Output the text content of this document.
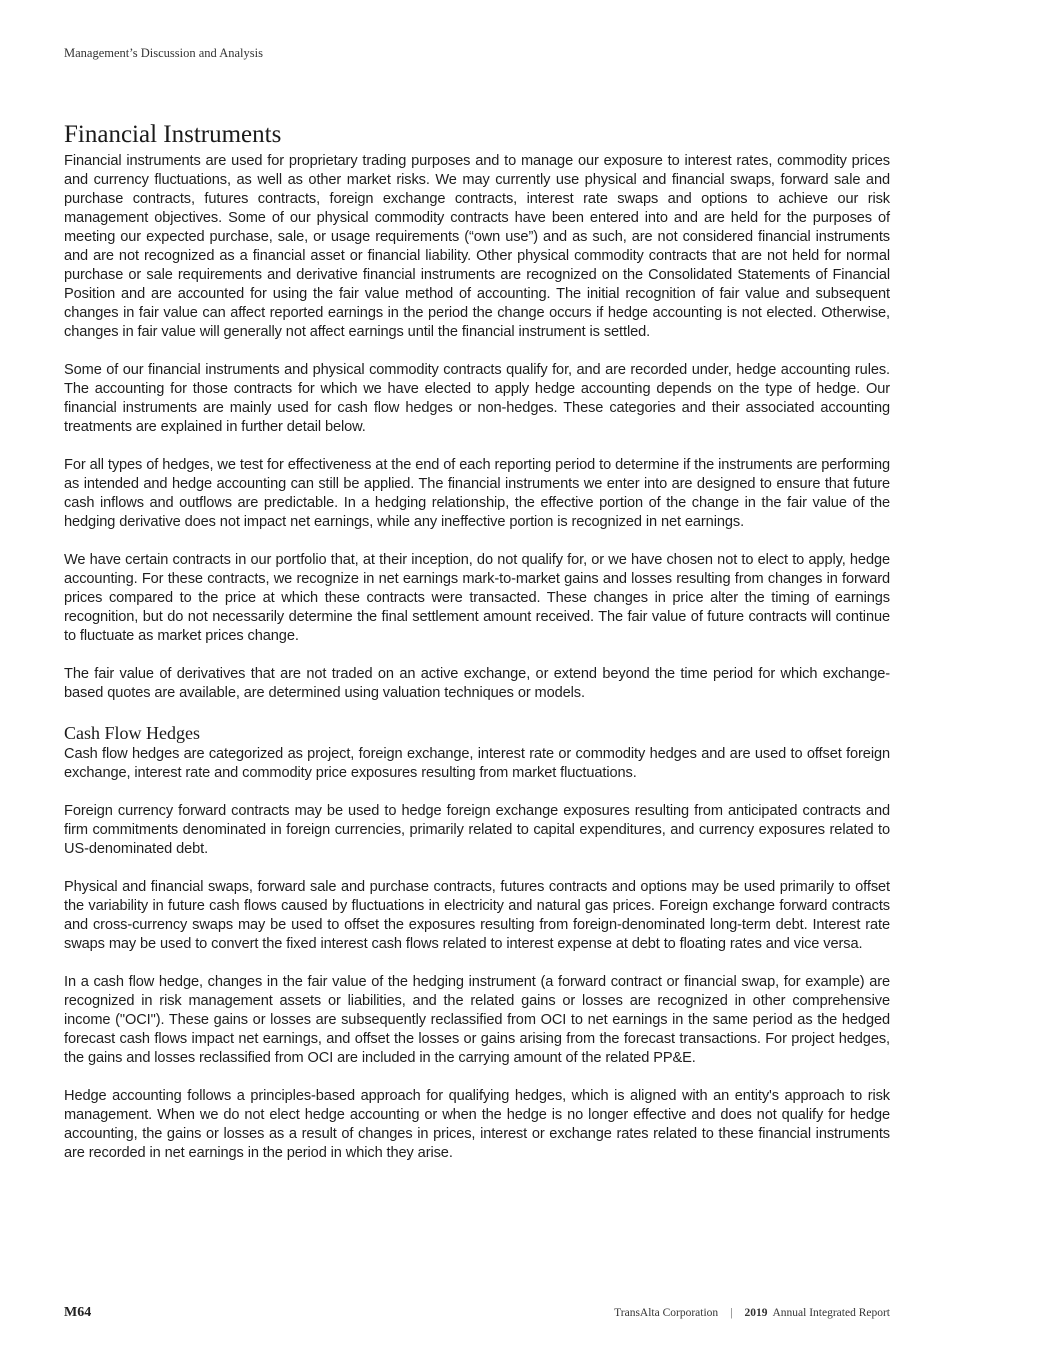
Management’s Discussion and Analysis
Financial Instruments

Financial instruments are used for proprietary trading purposes and to manage our exposure to interest rates, commodity prices and currency fluctuations, as well as other market risks. We may currently use physical and financial swaps, forward sale and purchase contracts, futures contracts, foreign exchange contracts, interest rate swaps and options to achieve our risk management objectives. Some of our physical commodity contracts have been entered into and are held for the purposes of meeting our expected purchase, sale, or usage requirements (“own use”) and as such, are not considered financial instruments and are not recognized as a financial asset or financial liability. Other physical commodity contracts that are not held for normal purchase or sale requirements and derivative financial instruments are recognized on the Consolidated Statements of Financial Position and are accounted for using the fair value method of accounting. The initial recognition of fair value and subsequent changes in fair value can affect reported earnings in the period the change occurs if hedge accounting is not elected. Otherwise, changes in fair value will generally not affect earnings until the financial instrument is settled.

Some of our financial instruments and physical commodity contracts qualify for, and are recorded under, hedge accounting rules. The accounting for those contracts for which we have elected to apply hedge accounting depends on the type of hedge. Our financial instruments are mainly used for cash flow hedges or non-hedges. These categories and their associated accounting treatments are explained in further detail below.

For all types of hedges, we test for effectiveness at the end of each reporting period to determine if the instruments are performing as intended and hedge accounting can still be applied. The financial instruments we enter into are designed to ensure that future cash inflows and outflows are predictable. In a hedging relationship, the effective portion of the change in the fair value of the hedging derivative does not impact net earnings, while any ineffective portion is recognized in net earnings.

We have certain contracts in our portfolio that, at their inception, do not qualify for, or we have chosen not to elect to apply, hedge accounting. For these contracts, we recognize in net earnings mark-to-market gains and losses resulting from changes in forward prices compared to the price at which these contracts were transacted. These changes in price alter the timing of earnings recognition, but do not necessarily determine the final settlement amount received. The fair value of future contracts will continue to fluctuate as market prices change.

The fair value of derivatives that are not traded on an active exchange, or extend beyond the time period for which exchange-based quotes are available, are determined using valuation techniques or models.

Cash Flow Hedges

Cash flow hedges are categorized as project, foreign exchange, interest rate or commodity hedges and are used to offset foreign exchange, interest rate and commodity price exposures resulting from market fluctuations.

Foreign currency forward contracts may be used to hedge foreign exchange exposures resulting from anticipated contracts and firm commitments denominated in foreign currencies, primarily related to capital expenditures, and currency exposures related to US-denominated debt.

Physical and financial swaps, forward sale and purchase contracts, futures contracts and options may be used primarily to offset the variability in future cash flows caused by fluctuations in electricity and natural gas prices. Foreign exchange forward contracts and cross-currency swaps may be used to offset the exposures resulting from foreign-denominated long-term debt. Interest rate swaps may be used to convert the fixed interest cash flows related to interest expense at debt to floating rates and vice versa.

In a cash flow hedge, changes in the fair value of the hedging instrument (a forward contract or financial swap, for example) are recognized in risk management assets or liabilities, and the related gains or losses are recognized in other comprehensive income ("OCI"). These gains or losses are subsequently reclassified from OCI to net earnings in the same period as the hedged forecast cash flows impact net earnings, and offset the losses or gains arising from the forecast transactions. For project hedges, the gains and losses reclassified from OCI are included in the carrying amount of the related PP&E.

Hedge accounting follows a principles-based approach for qualifying hedges, which is aligned with an entity's approach to risk management. When we do not elect hedge accounting or when the hedge is no longer effective and does not qualify for hedge accounting, the gains or losses as a result of changes in prices, interest or exchange rates related to these financial instruments are recorded in net earnings in the period in which they arise.

M64	TransAlta Corporation | 2019 Annual Integrated Report
